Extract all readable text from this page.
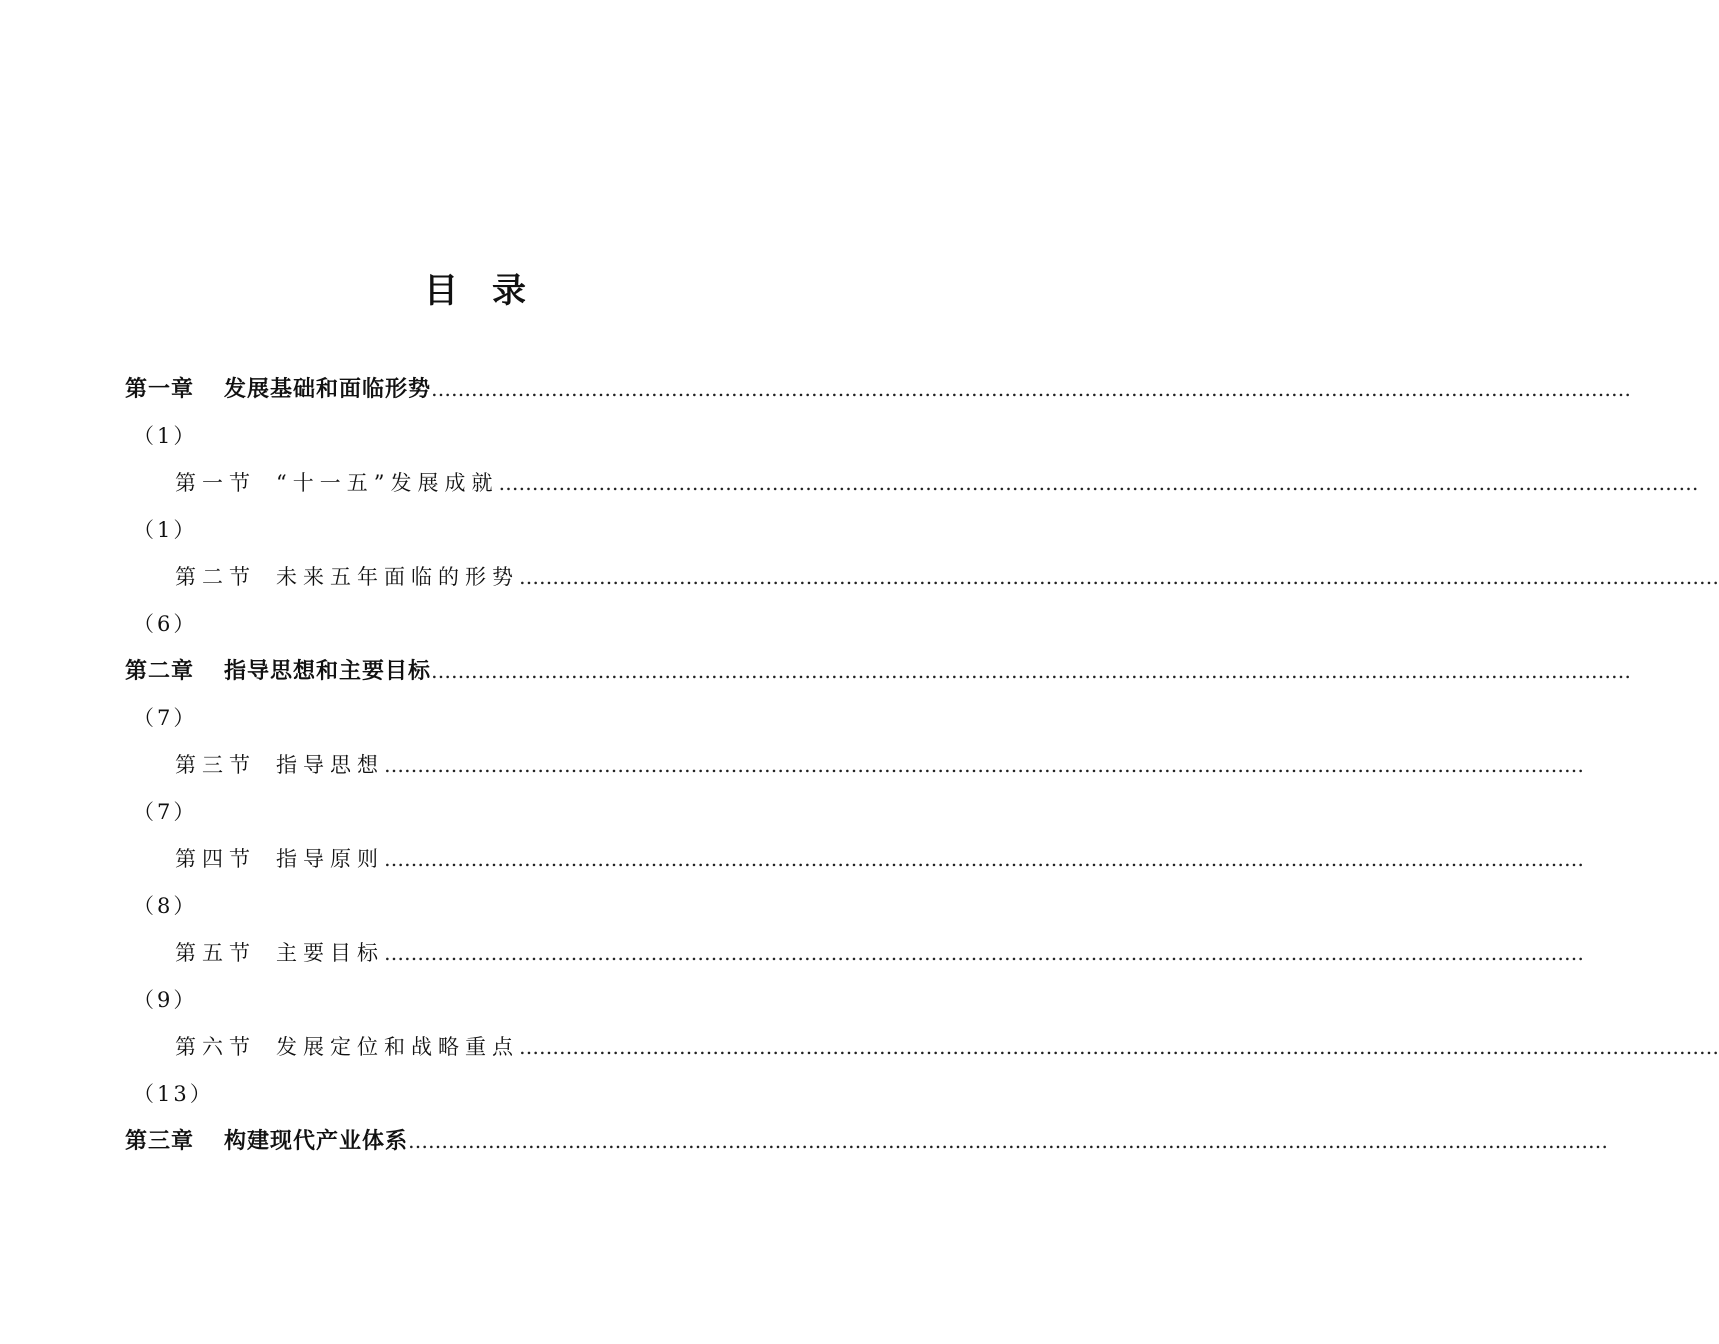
目录
第一章 发展基础和面临形势 ………………………………………………………………………………………………………………………………………………………………
（1）
第一节 “十一五”发展成就 ………………………………………………………………………………………………………………………………………………………………
（1）
第二节 未来五年面临的形势 ………………………………………………………………………………………………………………………………………………………………
（6）
第二章 指导思想和主要目标 ………………………………………………………………………………………………………………………………………………………………
（7）
第三节 指导思想 ………………………………………………………………………………………………………………………………………………………………
（7）
第四节 指导原则 ………………………………………………………………………………………………………………………………………………………………
（8）
第五节 主要目标 ………………………………………………………………………………………………………………………………………………………………
（9）
第六节 发展定位和战略重点 ………………………………………………………………………………………………………………………………………………………………
（13）
第三章 构建现代产业体系 ………………………………………………………………………………………………………………………………………………………………
